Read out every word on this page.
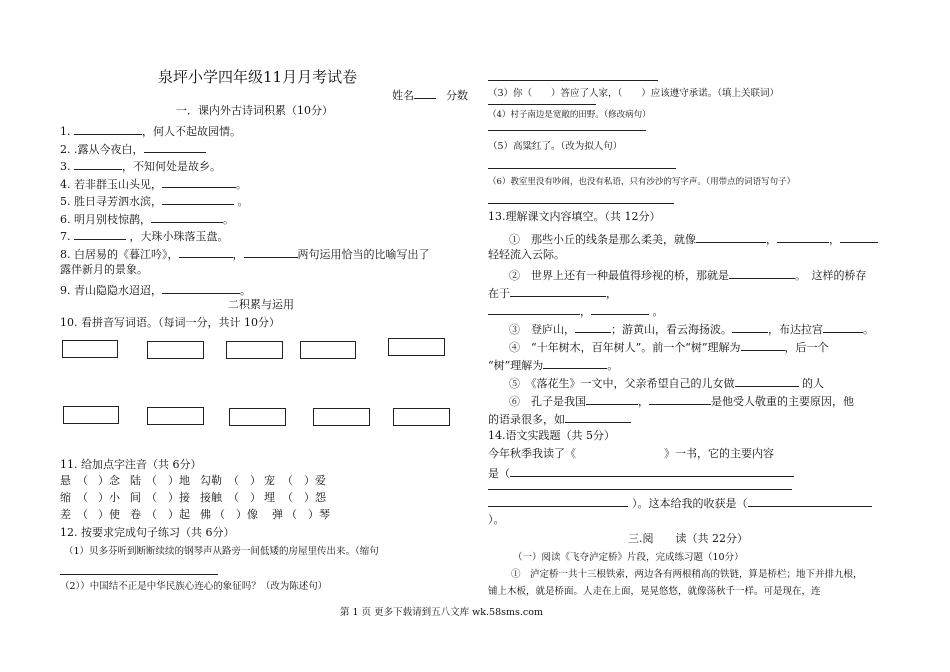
泉坪小学四年级11月月考试卷
姓名	分数
一．课内外古诗词积累（10分）
1.	，何人不起故园情。
2. .露从今夜白，
3.	，不知何处是故乡。
4. 若非群玉山头见，	。
5. 胜日寻芳泗水滨，	。
6. 明月别枝惊鹊，	。
7.	，大珠小珠落玉盘。
8. 白居易的《暮江吟》，	，	两句运用恰当的比喻写出了
露伴新月的景象。
9. 青山隐隐水迢迢，	。
二积累与运用
10. 看拼音写词语。（每词一分，共计 10分）
11. 给加点字注音（共 6分）
悬 （ ）念 陆 （ ）地 勾勒 （ ） 宠 （ ）爱
缩 （ ）小 间 （ ）接 接触 （ ） 埋 （ ）怨
差 （ ）使 卷 （ ）起 佛 （ ）像 弹 （ ）琴
12. 按要求完成句子练习（共 6分）
（1）贝多芬听到断断续续的钢琴声从路旁一间低矮的房屋里传出来。（缩句
（2））中国结不正是中华民族心连心的象征吗？（改为陈述句）
（3）你（　　）答应了人家，（　　）应该遵守承诺。（填上关联词）
（4）村子南边是宽敞的田野。（修改病句）
（5）高粱红了。（改为拟人句）
（6）教室里没有吵闹，也没有私语，只有沙沙的写字声。（用带点的词语写句子）
13.理解课文内容填空。（共 12分）
①　那些小丘的线条是那么柔美，就像	，	，
轻轻流入云际。
②　世界上还有一种最值得珍视的桥，那就是	。　这样的桥存
在于	，
，	。
③　登庐山，	；游黄山，看云海扬波。	，布达拉宫	。
④　“十年树木，百年树人”。前一个“树”理解为	，后一个
“树”理解为	。
⑤　《落花生》一文中，父亲希望自己的儿女做	的人
⑥　孔子是我国	，	是他受人敬重的主要原因，他
的语录很多，如
14.语文实践题（共 5分）
今年秋季我读了《	》一书，它的主要内容
是（
）。这本给我的收获是（
）。
三.阅　　读（共 22分）
（一）阅读《飞夺泸定桥》片段，完成练习题（10分）
①　泸定桥一共十三根铁索，两边各有两根稍高的铁链，算是桥栏；地下并排九根，
铺上木板，就是桥面。人走在上面，晃晃悠悠，就像荡秋千一样。可是现在，连
第 1 页 更多下载请到五八文库 wk.58sms.com
